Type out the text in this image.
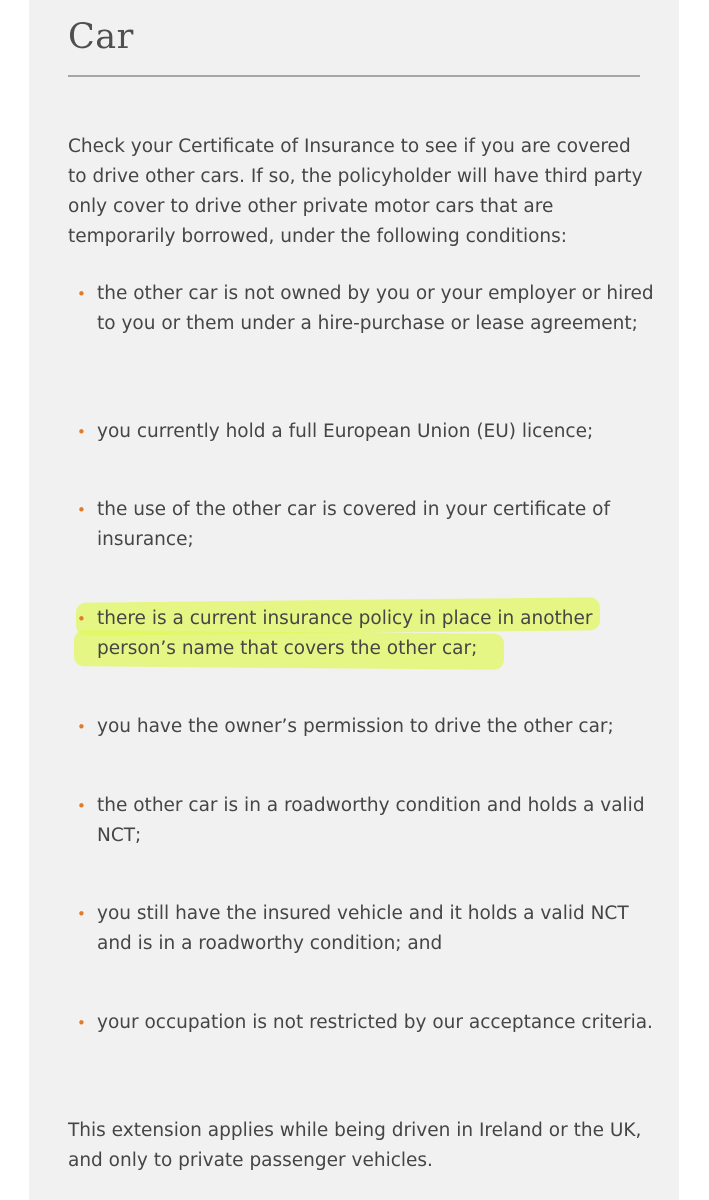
Car

Check your Certificate of Insurance to see if you are covered to drive other cars. If so, the policyholder will have third party only cover to drive other private motor cars that are temporarily borrowed, under the following conditions:

• the other car is not owned by you or your employer or hired to you or them under a hire-purchase or lease agreement;

• you currently hold a full European Union (EU) licence;

• the use of the other car is covered in your certificate of insurance;

• there is a current insurance policy in place in another person’s name that covers the other car;

• you have the owner’s permission to drive the other car;

• the other car is in a roadworthy condition and holds a valid NCT;

• you still have the insured vehicle and it holds a valid NCT and is in a roadworthy condition; and

• your occupation is not restricted by our acceptance criteria.

This extension applies while being driven in Ireland or the UK, and only to private passenger vehicles.
